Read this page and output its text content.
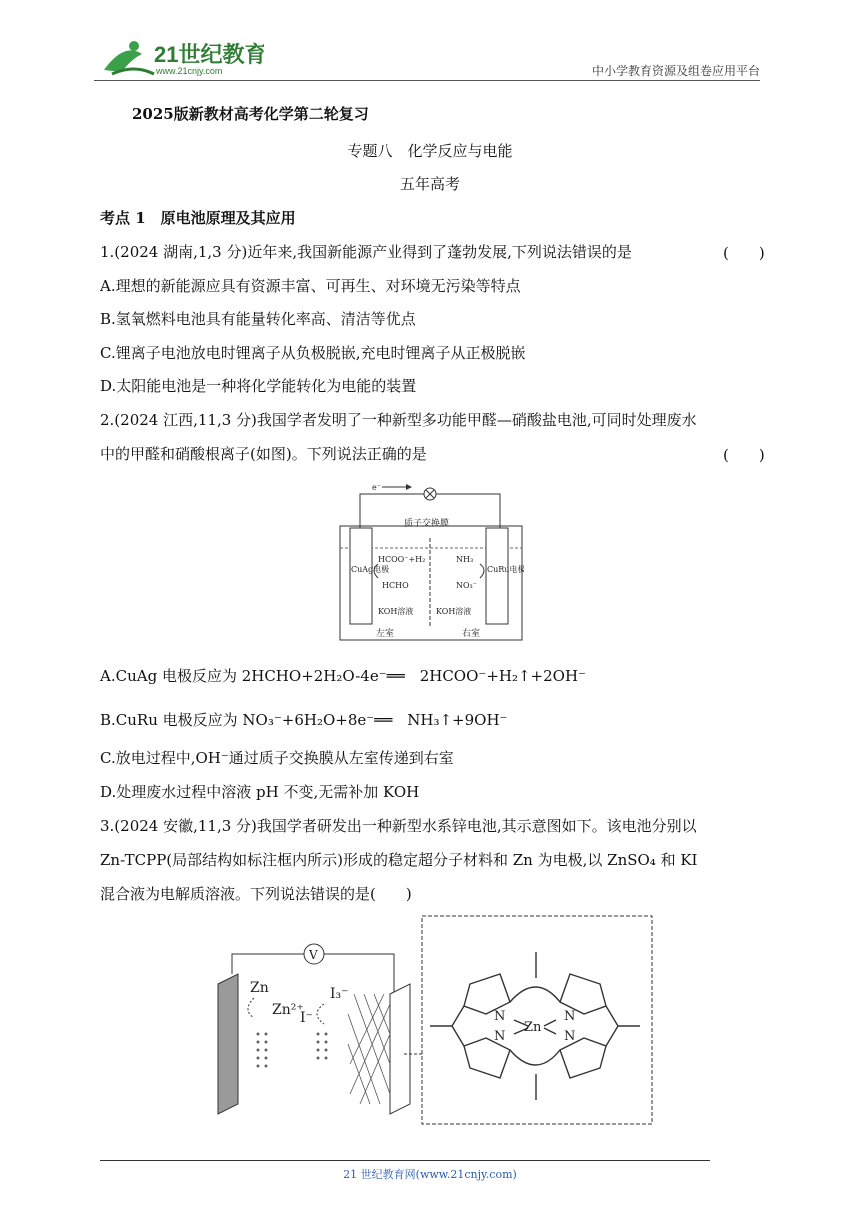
21世纪教育
www.21cnjy.com	中小学教育资源及组卷应用平台
2025版新教材高考化学第二轮复习
专题八　化学反应与电能
五年高考
考点 1　原电池原理及其应用
1.(2024 湖南,1,3 分)近年来,我国新能源产业得到了蓬勃发展,下列说法错误的是	(　　)
A.理想的新能源应具有资源丰富、可再生、对环境无污染等特点
B.氢氧燃料电池具有能量转化率高、清洁等优点
C.锂离子电池放电时锂离子从负极脱嵌,充电时锂离子从正极脱嵌
D.太阳能电池是一种将化学能转化为电能的装置
2.(2024 江西,11,3 分)我国学者发明了一种新型多功能甲醛—硝酸盐电池,可同时处理废水
中的甲醛和硝酸根离子(如图)。下列说法正确的是	(　　)
e⁻
质子交换膜
CuAg电极	CuRu电极
HCOO⁻+H₂
HCHO
NH₃
NO₃⁻
KOH溶液	KOH溶液
左室	右室
A.CuAg 电极反应为 2HCHO+2H₂O-4e⁻══　2HCOO⁻+H₂↑+2OH⁻
B.CuRu 电极反应为 NO₃⁻+6H₂O+8e⁻══　NH₃↑+9OH⁻
C.放电过程中,OH⁻通过质子交换膜从左室传递到右室
D.处理废水过程中溶液 pH 不变,无需补加 KOH
3.(2024 安徽,11,3 分)我国学者研发出一种新型水系锌电池,其示意图如下。该电池分别以
Zn-TCPP(局部结构如标注框内所示)形成的稳定超分子材料和 Zn 为电极,以 ZnSO₄ 和 KI
混合液为电解质溶液。下列说法错误的是(　　)
V
Zn
Zn²⁺
I₃⁻
I⁻	N	N
N	N
Zn
21 世纪教育网(www.21cnjy.com)
